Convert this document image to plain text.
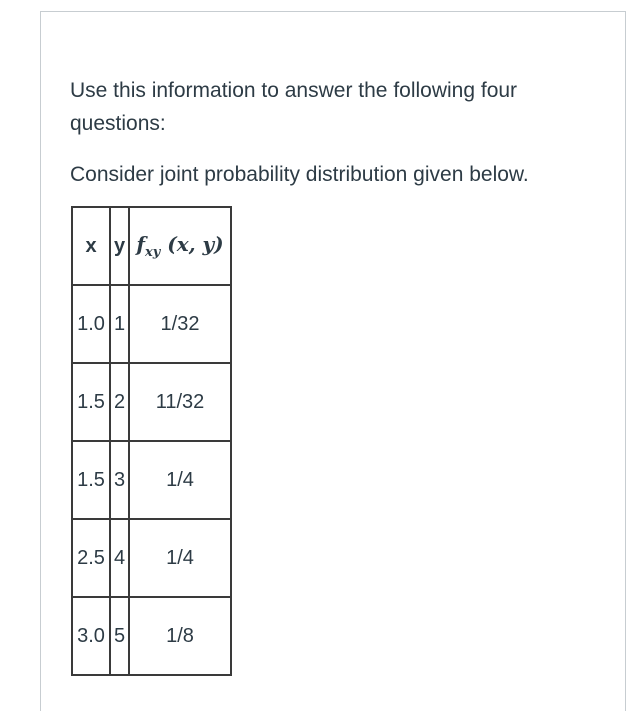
Use this information to answer the following four questions:

Consider joint probability distribution given below.

x	y	$f_{xy}$ (x, y)
1.0	1	1/32
1.5	2	11/32
1.5	3	1/4
2.5	4	1/4
3.0	5	1/8
